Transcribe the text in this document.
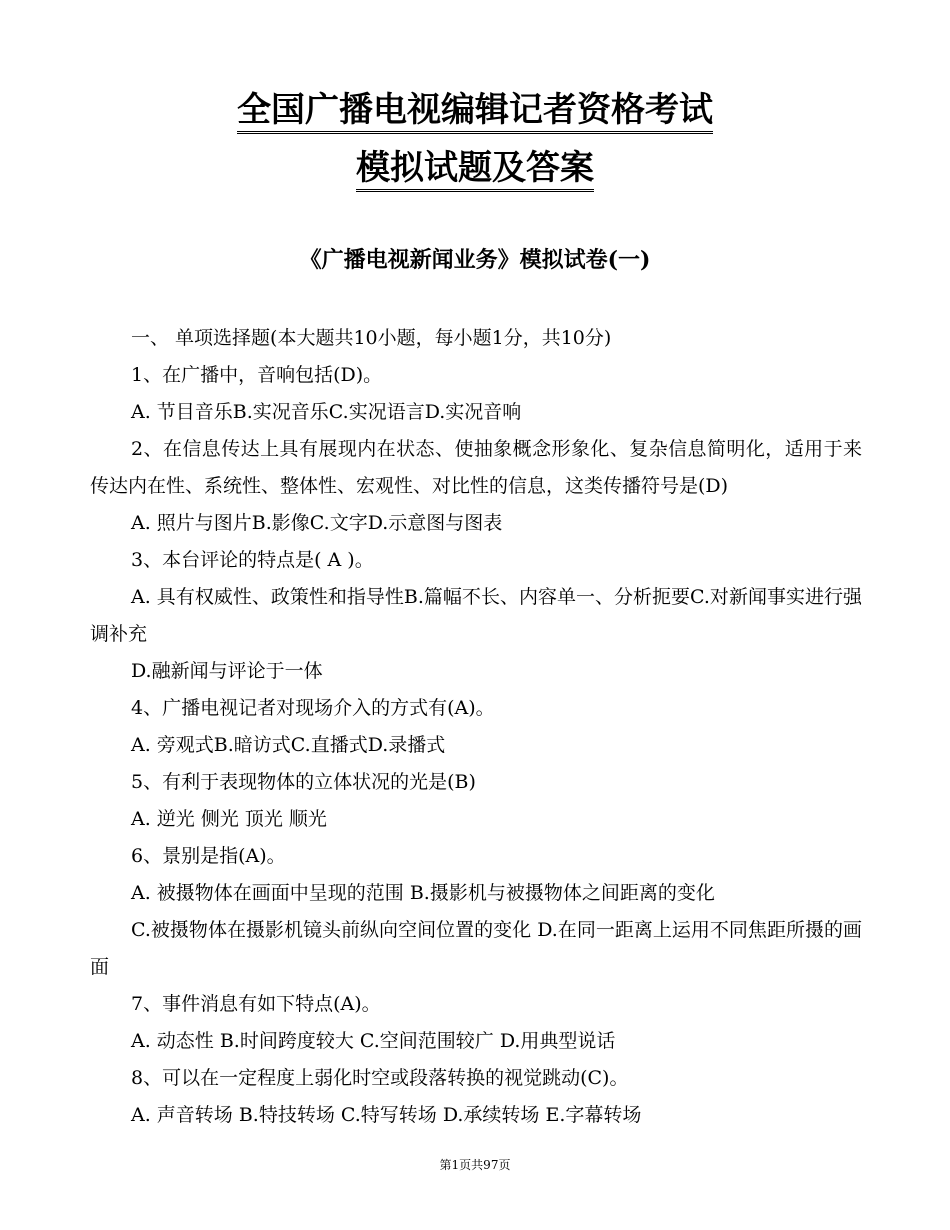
全国广播电视编辑记者资格考试
模拟试题及答案
《广播电视新闻业务》模拟试卷(一)

一、 单项选择题(本大题共10小题，每小题1分，共10分)

1、在广播中，音响包括(D)。

A. 节目音乐B.实况音乐C.实况语言D.实况音响

2、在信息传达上具有展现内在状态、使抽象概念形象化、复杂信息简明化，适用于来传达内在性、系统性、整体性、宏观性、对比性的信息，这类传播符号是(D)

A. 照片与图片B.影像C.文字D.示意图与图表

3、本台评论的特点是( A )。

A. 具有权威性、政策性和指导性B.篇幅不长、内容单一、分析扼要C.对新闻事实进行强调补充

D.融新闻与评论于一体

4、广播电视记者对现场介入的方式有(A)。

A. 旁观式B.暗访式C.直播式D.录播式

5、有利于表现物体的立体状况的光是(B)

A. 逆光 侧光 顶光 顺光

6、景别是指(A)。

A. 被摄物体在画面中呈现的范围 B.摄影机与被摄物体之间距离的变化

C.被摄物体在摄影机镜头前纵向空间位置的变化 D.在同一距离上运用不同焦距所摄的画面

7、事件消息有如下特点(A)。

A. 动态性 B.时间跨度较大 C.空间范围较广 D.用典型说话

8、可以在一定程度上弱化时空或段落转换的视觉跳动(C)。

A. 声音转场 B.特技转场 C.特写转场 D.承续转场 E.字幕转场

第1页共97页
